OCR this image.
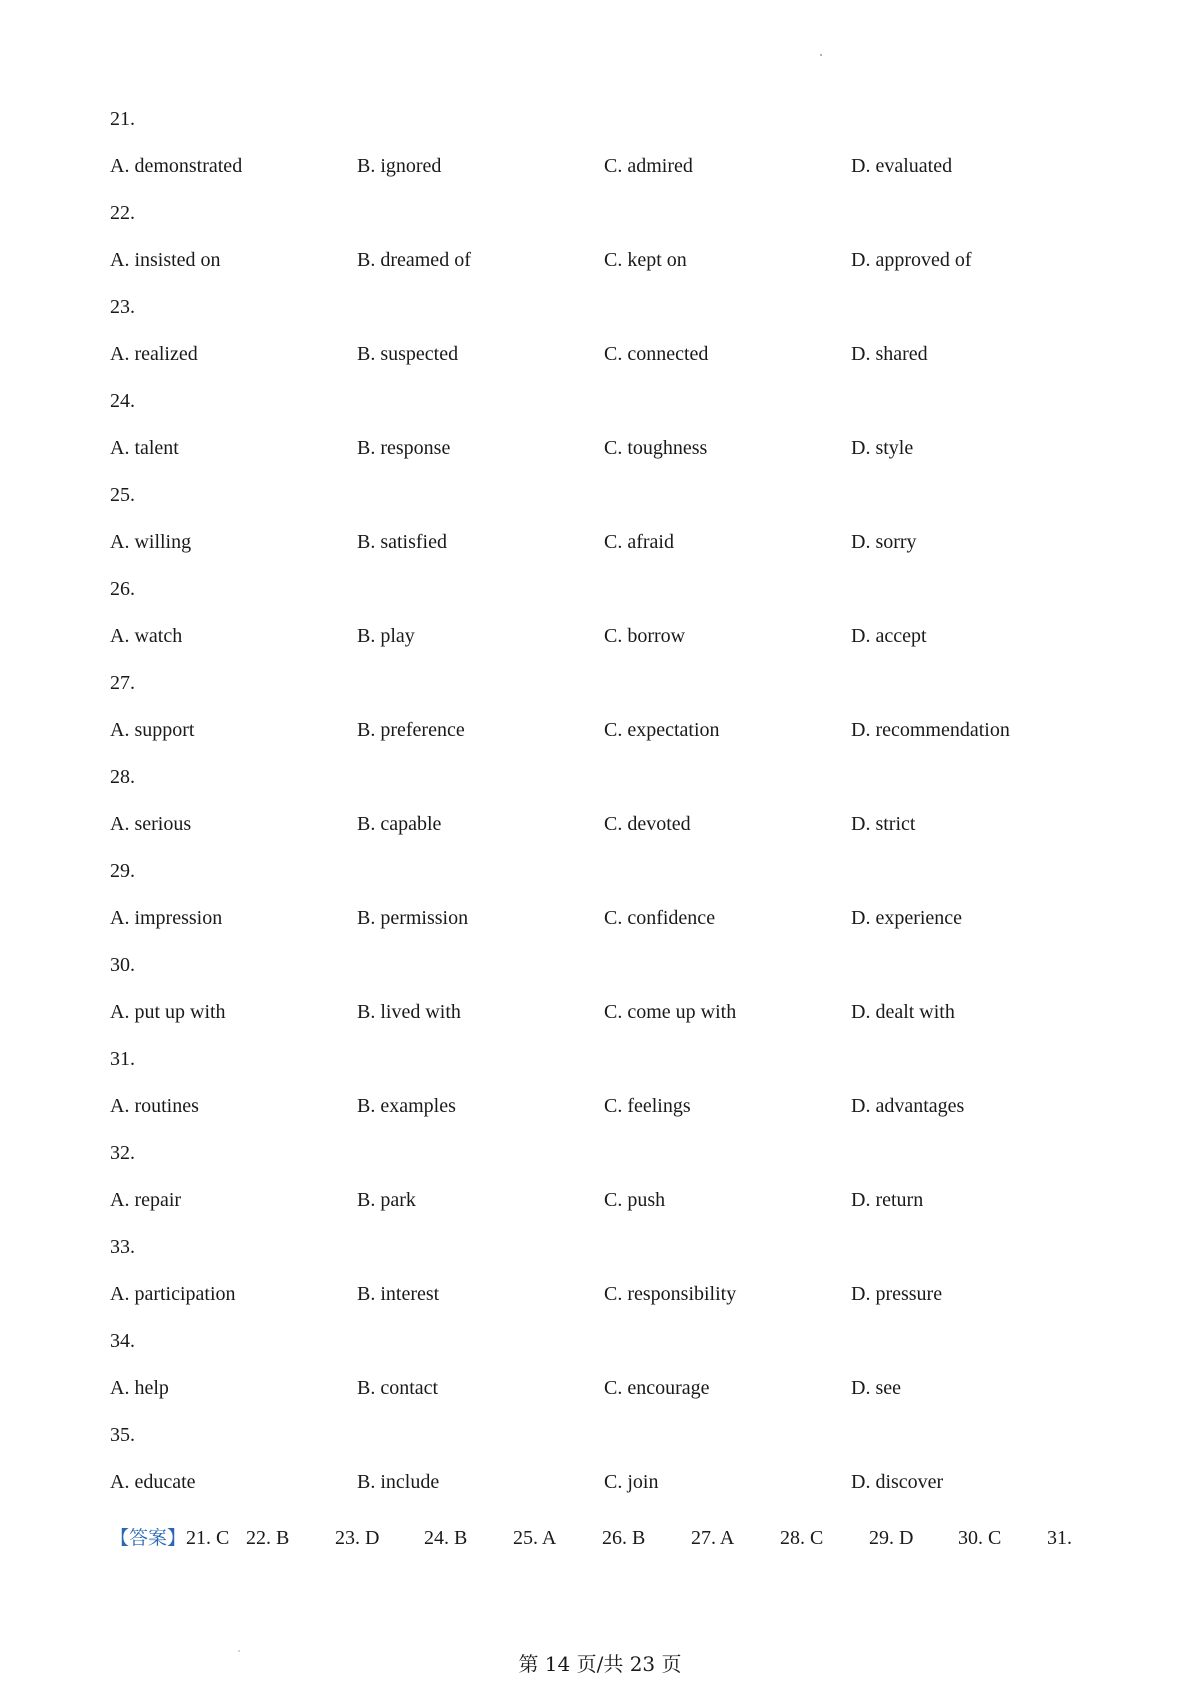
21.
A. demonstrated	B. ignored	C. admired	D. evaluated
22.
A. insisted on	B. dreamed of	C. kept on	D. approved of
23.
A. realized	B. suspected	C. connected	D. shared
24.
A. talent	B. response	C. toughness	D. style
25.
A. willing	B. satisfied	C. afraid	D. sorry
26.
A. watch	B. play	C. borrow	D. accept
27.
A. support	B. preference	C. expectation	D. recommendation
28.
A. serious	B. capable	C. devoted	D. strict
29.
A. impression	B. permission	C. confidence	D. experience
30.
A. put up with	B. lived with	C. come up with	D. dealt with
31.
A. routines	B. examples	C. feelings	D. advantages
32.
A. repair	B. park	C. push	D. return
33.
A. participation	B. interest	C. responsibility	D. pressure
34.
A. help	B. contact	C. encourage	D. see
35.
A. educate	B. include	C. join	D. discover
【答案】 21. C 22. B	23. D	24. B	25. A	26. B	27. A	28. C	29. D	30. C	31.
第 14 页/共 23 页
